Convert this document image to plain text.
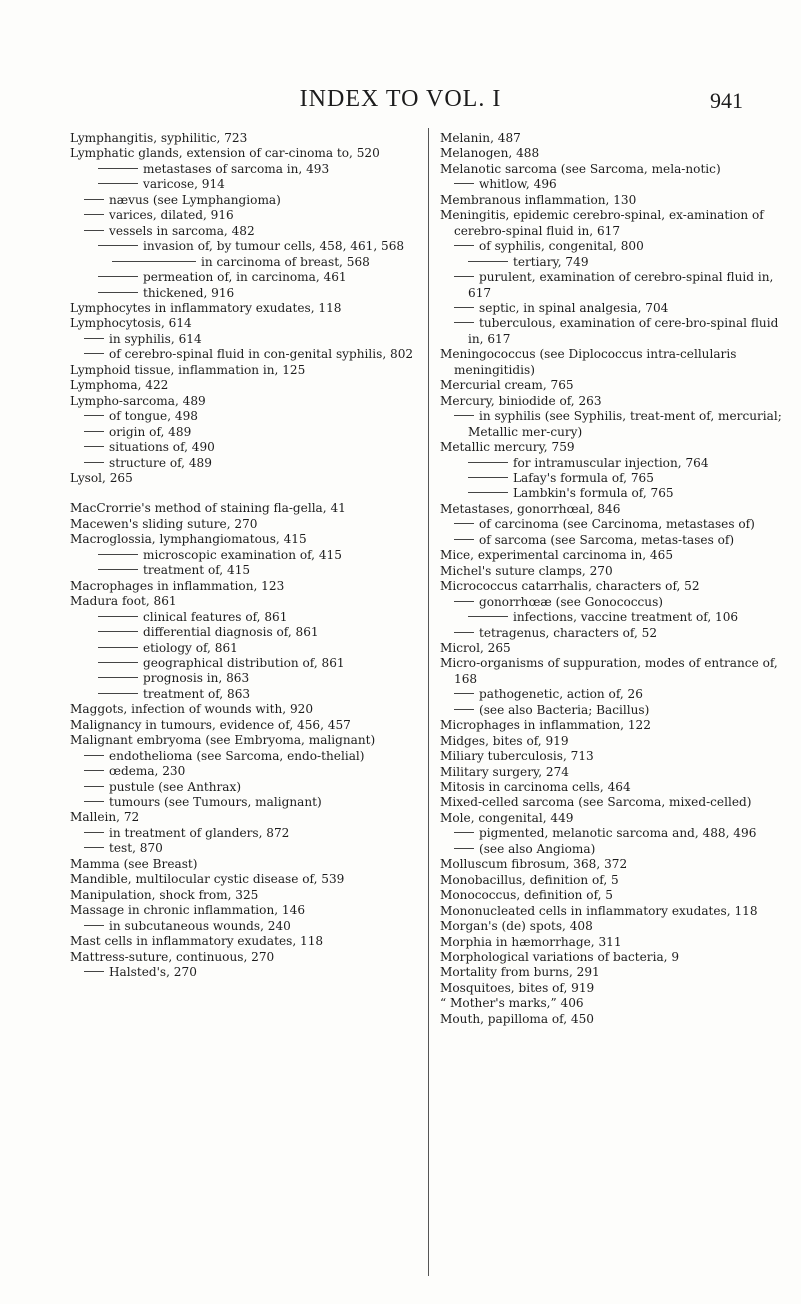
INDEX TO VOL. I	941
Lymphangitis, syphilitic, 723
Lymphatic glands, extension of car-cinoma to, 520
metastases of sarcoma in, 493
varicose, 914
nævus (see Lymphangioma)
varices, dilated, 916
vessels in sarcoma, 482
invasion of, by tumour cells, 458, 461, 568
in carcinoma of breast, 568
permeation of, in carcinoma, 461
thickened, 916
Lymphocytes in inflammatory exudates, 118
Lymphocytosis, 614
in syphilis, 614
of cerebro-spinal fluid in con-genital syphilis, 802
Lymphoid tissue, inflammation in, 125
Lymphoma, 422
Lympho-sarcoma, 489
of tongue, 498
origin of, 489
situations of, 490
structure of, 489
Lysol, 265
MacCrorrie's method of staining fla-gella, 41
Macewen's sliding suture, 270
Macroglossia, lymphangiomatous, 415
microscopic examination of, 415
treatment of, 415
Macrophages in inflammation, 123
Madura foot, 861
clinical features of, 861
differential diagnosis of, 861
etiology of, 861
geographical distribution of, 861
prognosis in, 863
treatment of, 863
Maggots, infection of wounds with, 920
Malignancy in tumours, evidence of, 456, 457
Malignant embryoma (see Embryoma, malignant)
endothelioma (see Sarcoma, endo-thelial)
œdema, 230
pustule (see Anthrax)
tumours (see Tumours, malignant)
Mallein, 72
in treatment of glanders, 872
test, 870
Mamma (see Breast)
Mandible, multilocular cystic disease of, 539
Manipulation, shock from, 325
Massage in chronic inflammation, 146
in subcutaneous wounds, 240
Mast cells in inflammatory exudates, 118
Mattress-suture, continuous, 270
Halsted's, 270
Melanin, 487
Melanogen, 488
Melanotic sarcoma (see Sarcoma, mela-notic)
whitlow, 496
Membranous inflammation, 130
Meningitis, epidemic cerebro-spinal, ex-amination of cerebro-spinal fluid in, 617
of syphilis, congenital, 800
tertiary, 749
purulent, examination of cerebro-spinal fluid in, 617
septic, in spinal analgesia, 704
tuberculous, examination of cere-bro-spinal fluid in, 617
Meningococcus (see Diplococcus intra-cellularis meningitidis)
Mercurial cream, 765
Mercury, biniodide of, 263
in syphilis (see Syphilis, treat-ment of, mercurial; Metallic mer-cury)
Metallic mercury, 759
for intramuscular injection, 764
Lafay's formula of, 765
Lambkin's formula of, 765
Metastases, gonorrhœal, 846
of carcinoma (see Carcinoma, metastases of)
of sarcoma (see Sarcoma, metas-tases of)
Mice, experimental carcinoma in, 465
Michel's suture clamps, 270
Micrococcus catarrhalis, characters of, 52
gonorrhœæ (see Gonococcus)
infections, vaccine treatment of, 106
tetragenus, characters of, 52
Microl, 265
Micro-organisms of suppuration, modes of entrance of, 168
pathogenetic, action of, 26
(see also Bacteria; Bacillus)
Microphages in inflammation, 122
Midges, bites of, 919
Miliary tuberculosis, 713
Military surgery, 274
Mitosis in carcinoma cells, 464
Mixed-celled sarcoma (see Sarcoma, mixed-celled)
Mole, congenital, 449
pigmented, melanotic sarcoma and, 488, 496
(see also Angioma)
Molluscum fibrosum, 368, 372
Monobacillus, definition of, 5
Monococcus, definition of, 5
Mononucleated cells in inflammatory exudates, 118
Morgan's (de) spots, 408
Morphia in hæmorrhage, 311
Morphological variations of bacteria, 9
Mortality from burns, 291
Mosquitoes, bites of, 919
“ Mother's marks,” 406
Mouth, papilloma of, 450
